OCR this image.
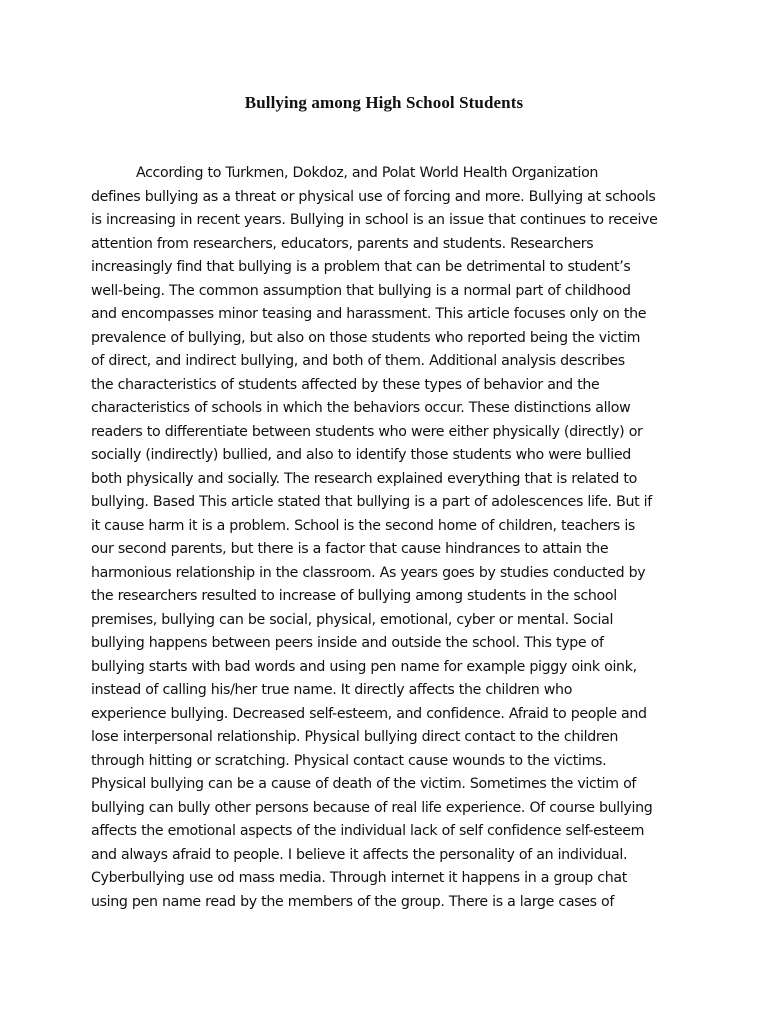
Bullying among High School Students
According to Turkmen, Dokdoz, and Polat World Health Organization
defines bullying as a threat or physical use of forcing and more. Bullying at schools
is increasing in recent years. Bullying in school is an issue that continues to receive
attention from researchers, educators, parents and students. Researchers
increasingly find that bullying is a problem that can be detrimental to student’s
well-being. The common assumption that bullying is a normal part of childhood
and encompasses minor teasing and harassment. This article focuses only on the
prevalence of bullying, but also on those students who reported being the victim
of direct, and indirect bullying, and both of them. Additional analysis describes
the characteristics of students affected by these types of behavior and the
characteristics of schools in which the behaviors occur. These distinctions allow
readers to differentiate between students who were either physically (directly) or
socially (indirectly) bullied, and also to identify those students who were bullied
both physically and socially. The research explained everything that is related to
bullying. Based This article stated that bullying is a part of adolescences life. But if
it cause harm it is a problem. School is the second home of children, teachers is
our second parents, but there is a factor that cause hindrances to attain the
harmonious relationship in the classroom. As years goes by studies conducted by
the researchers resulted to increase of bullying among students in the school
premises, bullying can be social, physical, emotional, cyber or mental. Social
bullying happens between peers inside and outside the school. This type of
bullying starts with bad words and using pen name for example piggy oink oink,
instead of calling his/her true name. It directly affects the children who
experience bullying. Decreased self-esteem, and confidence. Afraid to people and
lose interpersonal relationship. Physical bullying direct contact to the children
through hitting or scratching. Physical contact cause wounds to the victims.
Physical bullying can be a cause of death of the victim. Sometimes the victim of
bullying can bully other persons because of real life experience. Of course bullying
affects the emotional aspects of the individual lack of self confidence self-esteem
and always afraid to people. I believe it affects the personality of an individual.
Cyberbullying use od mass media. Through internet it happens in a group chat
using pen name read by the members of the group. There is a large cases of
